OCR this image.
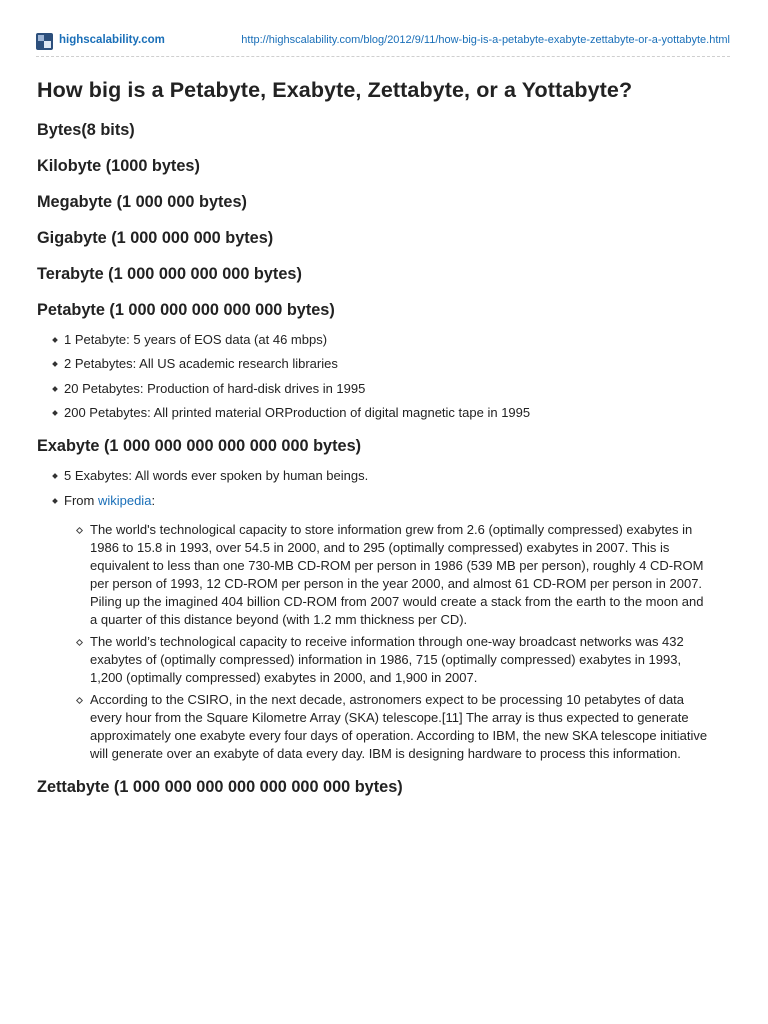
highscalability.com	http://highscalability.com/blog/2012/9/11/how-big-is-a-petabyte-exabyte-zettabyte-or-a-yottabyte.html
How big is a Petabyte, Exabyte, Zettabyte, or a Yottabyte?
Bytes(8 bits)
Kilobyte (1000 bytes)
Megabyte (1 000 000 bytes)
Gigabyte (1 000 000 000 bytes)
Terabyte (1 000 000 000 000 bytes)
Petabyte (1 000 000 000 000 000 bytes)
1 Petabyte: 5 years of EOS data (at 46 mbps)
2 Petabytes: All US academic research libraries
20 Petabytes: Production of hard-disk drives in 1995
200 Petabytes: All printed material ORProduction of digital magnetic tape in 1995
Exabyte (1 000 000 000 000 000 000 bytes)
5 Exabytes: All words ever spoken by human beings.
From wikipedia:
The world's technological capacity to store information grew from 2.6 (optimally compressed) exabytes in 1986 to 15.8 in 1993, over 54.5 in 2000, and to 295 (optimally compressed) exabytes in 2007. This is equivalent to less than one 730-MB CD-ROM per person in 1986 (539 MB per person), roughly 4 CD-ROM per person of 1993, 12 CD-ROM per person in the year 2000, and almost 61 CD-ROM per person in 2007. Piling up the imagined 404 billion CD-ROM from 2007 would create a stack from the earth to the moon and a quarter of this distance beyond (with 1.2 mm thickness per CD).
The world’s technological capacity to receive information through one-way broadcast networks was 432 exabytes of (optimally compressed) information in 1986, 715 (optimally compressed) exabytes in 1993, 1,200 (optimally compressed) exabytes in 2000, and 1,900 in 2007.
According to the CSIRO, in the next decade, astronomers expect to be processing 10 petabytes of data every hour from the Square Kilometre Array (SKA) telescope.[11] The array is thus expected to generate approximately one exabyte every four days of operation. According to IBM, the new SKA telescope initiative will generate over an exabyte of data every day. IBM is designing hardware to process this information.
Zettabyte (1 000 000 000 000 000 000 000 bytes)
